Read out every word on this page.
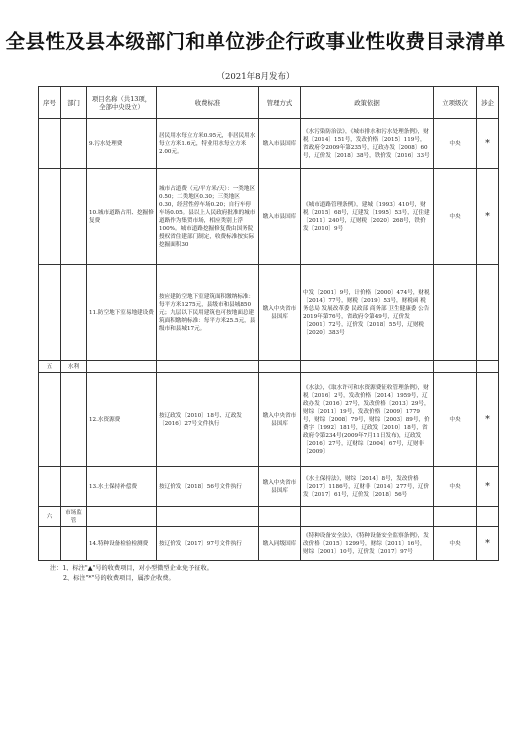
全县性及县本级部门和单位涉企行政事业性收费目录清单
（2021年8月发布）
序号	部门	项目名称（共13项，全部中央设立）	收费标准	管理方式	政策依据	立项级次	涉企
		9.污水处理费	居民用水每立方米0.95元，非居民用水每立方米1.6元，特业用水每立方米2.00元。	缴入市县国库	《水污染防治法》，《城市排水和污水处理条例》，财税〔2014〕151号，发改价格〔2015〕119号，省政府令2009年第235号，辽政办发〔2008〕60号，辽价发〔2018〕38号，铁价发〔2016〕33号	中央	*
		10.城市道路占用、挖掘修复费	城市占道费（元/平方米/天）：一类地区0.50；二类地区0.30；三类地区0.30，经营性停车场0.20；自行车停车场0.05。县以上人民政府批准的城市道路作为集贸市场，相应类别上浮100%。城市道路挖掘修复费由国务院授权省住建部门制定，收费标准按实际挖掘面积30	缴入市县国库	《城市道路管理条例》，建城〔1993〕410号，财税〔2015〕68号，辽建发〔1995〕53号，辽住建〔2011〕240号，辽财税〔2020〕268号，铁价发〔2010〕9号	中央	*
		11.防空地下室易地建设费	按应建防空地下室建筑面积缴纳标准：每平方米1275元，县级市和县城850元；九层以下民用建筑也可按地面总建筑面积缴纳标准：每平方米25.5元，县级市和县城17元。	缴入中央省市县国库	中发〔2001〕9号，计价格〔2000〕474号，财税〔2014〕77号，财税〔2019〕53号，财税函 税务总局 发展改革委 民政部 商务部 卫生健康委 公告2019年第76号，省政府令第49号，辽价发〔2001〕72号，辽价发〔2018〕55号，辽财税〔2020〕383号		
五	水利						
		12.水资源费	按辽政发〔2010〕18号、辽政发〔2016〕27号文件执行	缴入中央省市县国库	《水法》，《取水许可和水资源费征收管理条例》，财税〔2016〕2号，发改价格〔2014〕1959号，辽政办发〔2016〕27号，发改价格〔2013〕29号，财综〔2011〕19号，发改价格〔2009〕1779号，财综〔2008〕79号，财综〔2003〕89号，价费字〔1992〕181号，辽政发〔2010〕18号，省政府令第234号(2009年7月11日发布)，辽政发〔2016〕27号，辽财综〔2004〕67号，辽财非〔2009〕	中央	*
		13.水土保持补偿费	按辽价发〔2018〕56号文件执行	缴入中央省市县国库	《水土保持法》，财综〔2014〕8号，发改价格〔2017〕1186号，辽财非〔2014〕277号，辽价发〔2017〕61号，辽价发〔2018〕56号	中央	*
六	市场监管						
		14.特种设备检验检测费	按辽价发〔2017〕97号文件执行	缴入同级国库	《特种设备安全法》，《特种设备安全监察条例》，发改价格〔2015〕1299号，财综〔2011〕16号，财综〔2001〕10号，辽价发〔2017〕97号	中央	*
注：1、标注"▲"号的收费项目，对小型微型企业免予征收。
2、标注"*"号的收费项目，属涉企收费。
